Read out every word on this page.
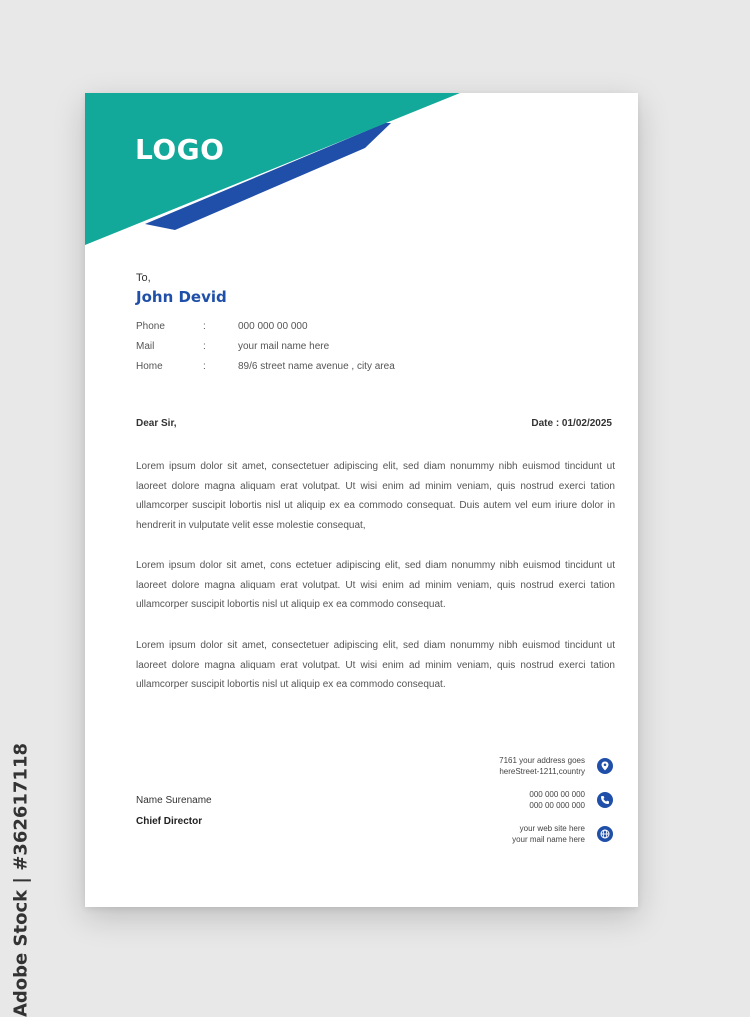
LOGO
To,
John Devid
Phone	:	000 000 00 000
Mail	:	your mail name here
Home	:	89/6 street name avenue , city area
Dear Sir,	Date : 01/02/2025

Lorem ipsum dolor sit amet, consectetuer adipiscing elit, sed diam nonummy nibh euismod tincidunt ut laoreet dolore magna aliquam erat volutpat. Ut wisi enim ad minim veniam, quis nostrud exerci tation ullamcorper suscipit lobortis nisl ut aliquip ex ea commodo consequat. Duis autem vel eum iriure dolor in hendrerit in vulputate velit esse molestie consequat,

Lorem ipsum dolor sit amet, cons ectetuer adipiscing elit, sed diam nonummy nibh euismod tincidunt ut laoreet dolore magna aliquam erat volutpat. Ut wisi enim ad minim veniam, quis nostrud exerci tation ullamcorper suscipit lobortis nisl ut aliquip ex ea commodo consequat.

Lorem ipsum dolor sit amet, consectetuer adipiscing elit, sed diam nonummy nibh euismod tincidunt ut laoreet dolore magna aliquam erat volutpat. Ut wisi enim ad minim veniam, quis nostrud exerci tation ullamcorper suscipit lobortis nisl ut aliquip ex ea commodo consequat.

Name Surename
Chief Director
7161 your address goes
hereStreet-1211,country
000 000 00 000
000 00 000 000
your web site here
your mail name here
Adobe Stock | #362617118
